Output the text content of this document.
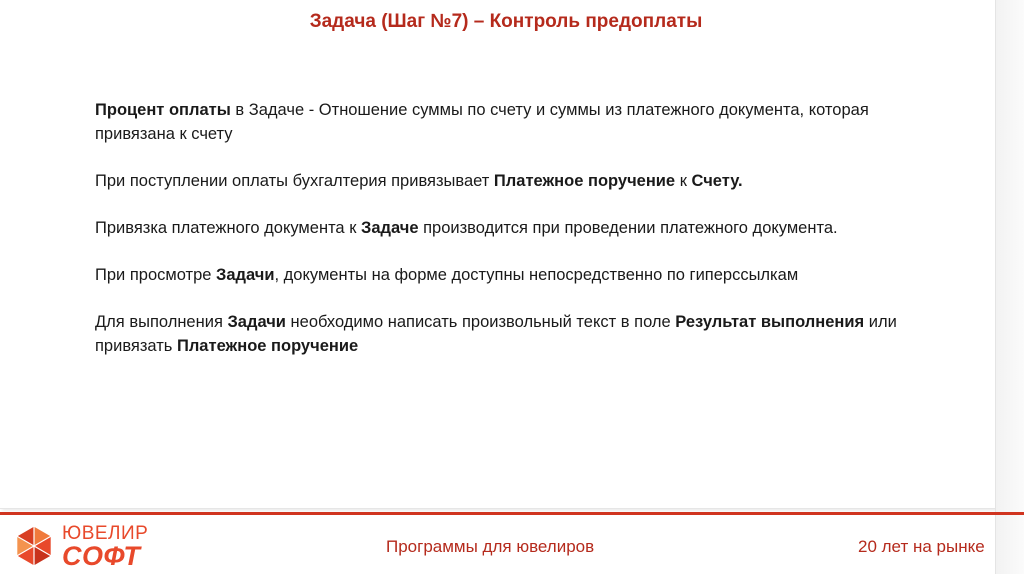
Задача (Шаг №7) – Контроль предоплаты

Процент оплаты в Задаче - Отношение суммы по счету и суммы из платежного документа, которая привязана к счету

При поступлении оплаты бухгалтерия привязывает Платежное поручение к Счету.

Привязка платежного документа к Задаче производится при проведении платежного документа.

При просмотре Задачи, документы на форме доступны непосредственно по гиперссылкам

Для выполнения Задачи необходимо написать произвольный текст в поле Результат выполнения или привязать Платежное поручение

ЮВЕЛИР
СОФТ	Программы для ювелиров	20 лет на рынке
